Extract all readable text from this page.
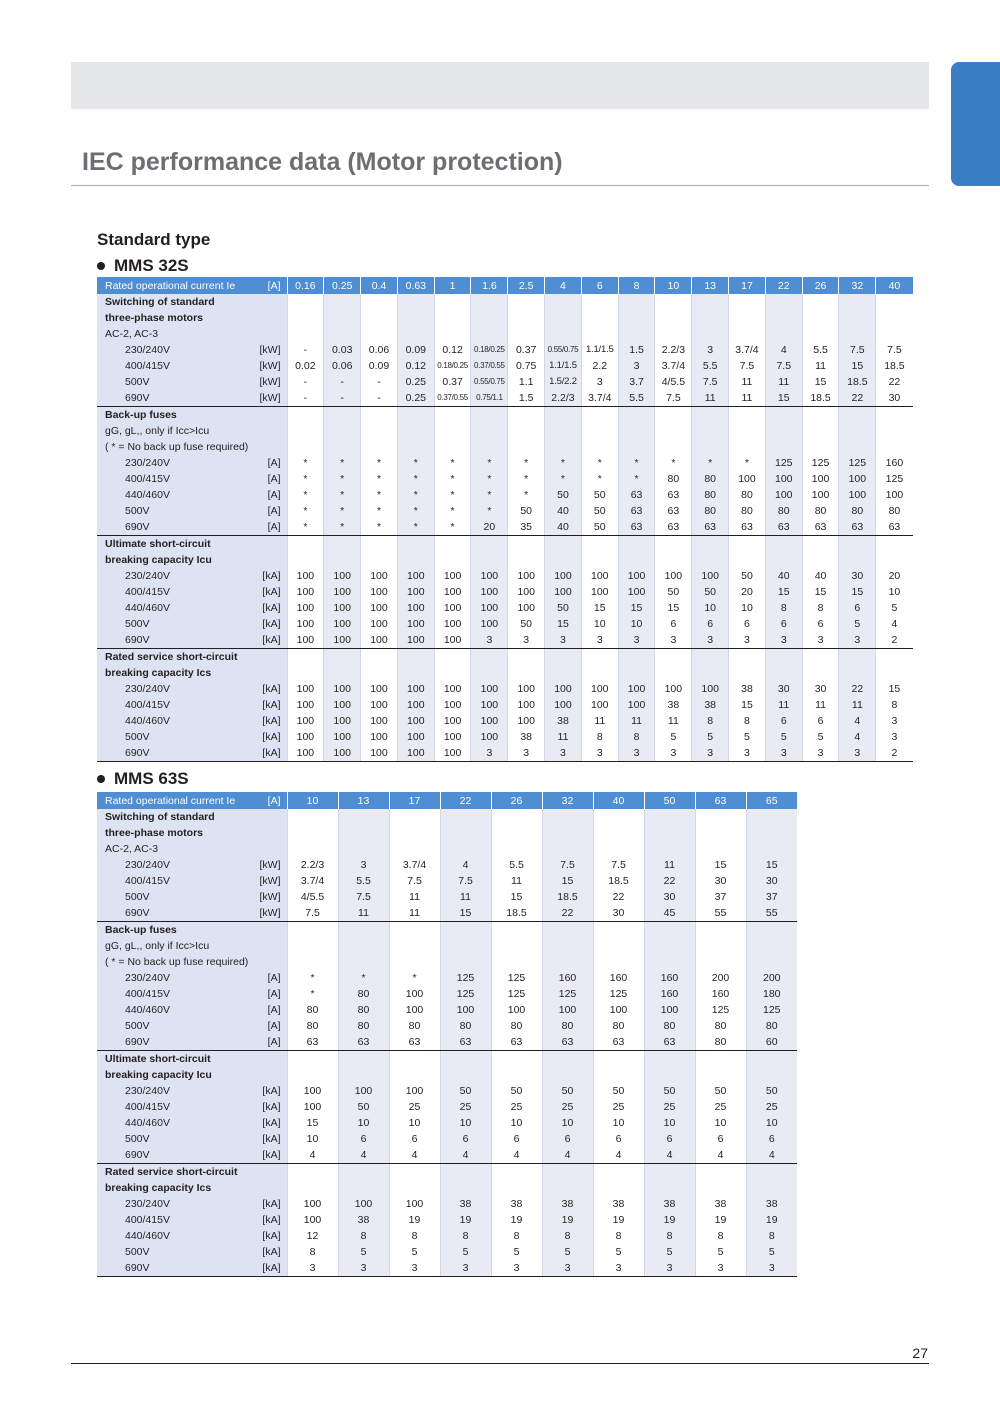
IEC performance data (Motor protection)
Standard type
MMS 32S
Rated operational current Ie	[A]	0.16	0.25	0.4	0.63	1	1.6	2.5	4	6	8	10	13	17	22	26	32	40
Switching of standard																		
three-phase motors																		
AC-2, AC-3																		
230/240V	[kW]	-	0.03	0.06	0.09	0.12	0.18/0.25	0.37	0.55/0.75	1.1/1.5	1.5	2.2/3	3	3.7/4	4	5.5	7.5	7.5
400/415V	[kW]	0.02	0.06	0.09	0.12	0.18/0.25	0.37/0.55	0.75	1.1/1.5	2.2	3	3.7/4	5.5	7.5	7.5	11	15	18.5
500V	[kW]	-	-	-	0.25	0.37	0.55/0.75	1.1	1.5/2.2	3	3.7	4/5.5	7.5	11	11	15	18.5	22
690V	[kW]	-	-	-	0.25	0.37/0.55	0.75/1.1	1.5	2.2/3	3.7/4	5.5	7.5	11	11	15	18.5	22	30
Back-up fuses																		
gG, gL,, only if Icc>Icu																		
( * = No back up fuse required)																		
230/240V	[A]	*	*	*	*	*	*	*	*	*	*	*	*	*	125	125	125	160
400/415V	[A]	*	*	*	*	*	*	*	*	*	*	80	80	100	100	100	100	125
440/460V	[A]	*	*	*	*	*	*	*	50	50	63	63	80	80	100	100	100	100
500V	[A]	*	*	*	*	*	*	50	40	50	63	63	80	80	80	80	80	80
690V	[A]	*	*	*	*	*	20	35	40	50	63	63	63	63	63	63	63	63
Ultimate short-circuit																		
breaking capacity Icu																		
230/240V	[kA]	100	100	100	100	100	100	100	100	100	100	100	100	50	40	40	30	20
400/415V	[kA]	100	100	100	100	100	100	100	100	100	100	50	50	20	15	15	15	10
440/460V	[kA]	100	100	100	100	100	100	100	50	15	15	15	10	10	8	8	6	5
500V	[kA]	100	100	100	100	100	100	50	15	10	10	6	6	6	6	6	5	4
690V	[kA]	100	100	100	100	100	3	3	3	3	3	3	3	3	3	3	3	2
Rated service short-circuit																		
breaking capacity Ics																		
230/240V	[kA]	100	100	100	100	100	100	100	100	100	100	100	100	38	30	30	22	15
400/415V	[kA]	100	100	100	100	100	100	100	100	100	100	38	38	15	11	11	11	8
440/460V	[kA]	100	100	100	100	100	100	100	38	11	11	11	8	8	6	6	4	3
500V	[kA]	100	100	100	100	100	100	38	11	8	8	5	5	5	5	5	4	3
690V	[kA]	100	100	100	100	100	3	3	3	3	3	3	3	3	3	3	3	2
MMS 63S
Rated operational current Ie	[A]	10	13	17	22	26	32	40	50	63	65
Switching of standard											
three-phase motors											
AC-2, AC-3											
230/240V	[kW]	2.2/3	3	3.7/4	4	5.5	7.5	7.5	11	15	15
400/415V	[kW]	3.7/4	5.5	7.5	7.5	11	15	18.5	22	30	30
500V	[kW]	4/5.5	7.5	11	11	15	18.5	22	30	37	37
690V	[kW]	7.5	11	11	15	18.5	22	30	45	55	55
Back-up fuses											
gG, gL,, only if Icc>Icu											
( * = No back up fuse required)											
230/240V	[A]	*	*	*	125	125	160	160	160	200	200
400/415V	[A]	*	80	100	125	125	125	125	160	160	180
440/460V	[A]	80	80	100	100	100	100	100	100	125	125
500V	[A]	80	80	80	80	80	80	80	80	80	80
690V	[A]	63	63	63	63	63	63	63	63	80	60
Ultimate short-circuit											
breaking capacity Icu											
230/240V	[kA]	100	100	100	50	50	50	50	50	50	50
400/415V	[kA]	100	50	25	25	25	25	25	25	25	25
440/460V	[kA]	15	10	10	10	10	10	10	10	10	10
500V	[kA]	10	6	6	6	6	6	6	6	6	6
690V	[kA]	4	4	4	4	4	4	4	4	4	4
Rated service short-circuit											
breaking capacity Ics											
230/240V	[kA]	100	100	100	38	38	38	38	38	38	38
400/415V	[kA]	100	38	19	19	19	19	19	19	19	19
440/460V	[kA]	12	8	8	8	8	8	8	8	8	8
500V	[kA]	8	5	5	5	5	5	5	5	5	5
690V	[kA]	3	3	3	3	3	3	3	3	3	3

27
